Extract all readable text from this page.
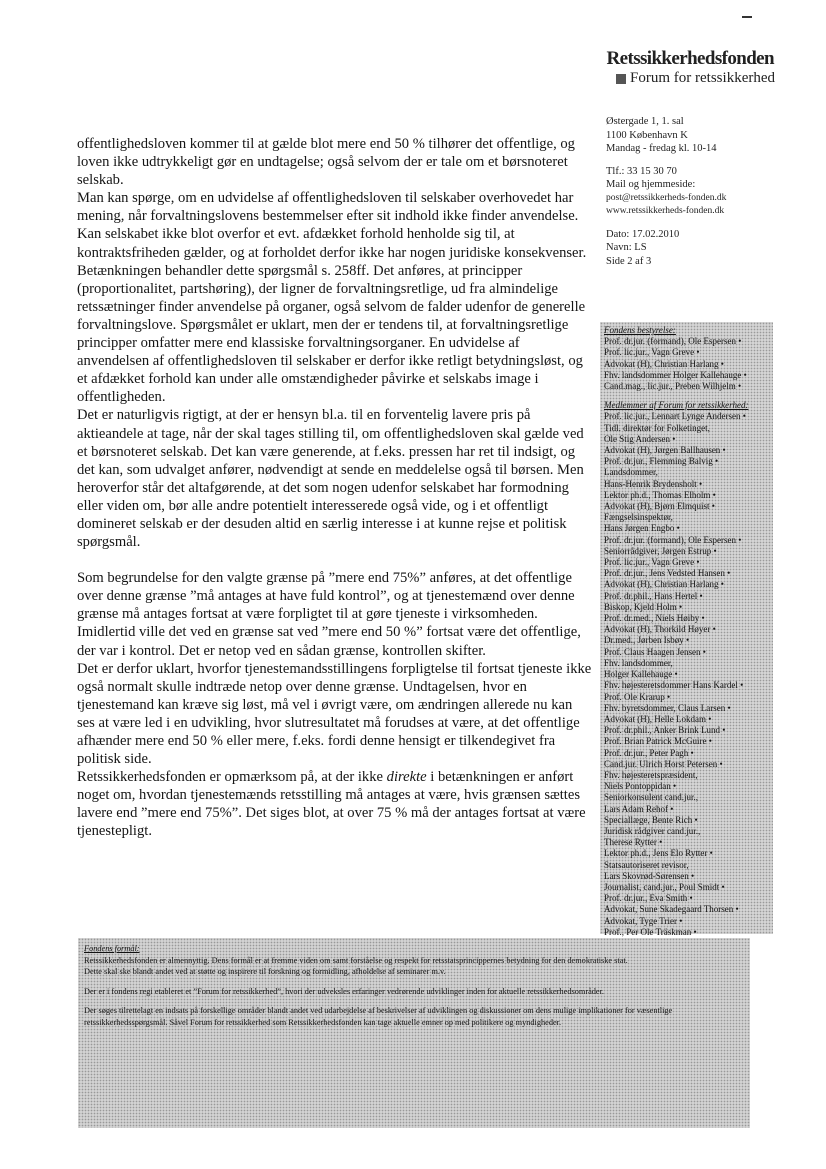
Retssikkerhedsfonden
Forum for retssikkerhed
Østergade 1, 1. sal
1100 København K
Mandag - fredag kl. 10-14
Tlf.: 33 15 30 70
Mail og hjemmeside:
post@retssikkerheds-fonden.dk
www.retssikkerheds-fonden.dk
Dato: 17.02.2010
Navn: LS
Side 2 af 3

offentlighedsloven kommer til at gælde blot mere end 50 % tilhører det offentlige, og loven ikke udtrykkeligt gør en undtagelse; også selvom der er tale om et børsnoteret selskab.

Man kan spørge, om en udvidelse af offentlighedsloven til selskaber overhovedet har mening, når forvaltningslovens bestemmelser efter sit indhold ikke finder anvendelse. Kan selskabet ikke blot overfor et evt. afdækket forhold henholde sig til, at kontraktsfriheden gælder, og at forholdet derfor ikke har nogen juridiske konsekvenser. Betænkningen behandler dette spørgsmål s. 258ff. Det anføres, at principper (proportionalitet, partshøring), der ligner de forvaltningsretlige, ud fra almindelige retssætninger finder anvendelse på organer, også selvom de falder udenfor de generelle forvaltningslove. Spørgsmålet er uklart, men der er tendens til, at forvaltningsretlige principper omfatter mere end klassiske forvaltningsorganer. En udvidelse af anvendelsen af offentlighedsloven til selskaber er derfor ikke retligt betydningsløst, og et afdækket forhold kan under alle omstændigheder påvirke et selskabs image i offentligheden.

Det er naturligvis rigtigt, at der er hensyn bl.a. til en forventelig lavere pris på aktieandele at tage, når der skal tages stilling til, om offentlighedsloven skal gælde ved et børsnoteret selskab. Det kan være generende, at f.eks. pressen har ret til indsigt, og det kan, som udvalget anfører, nødvendigt at sende en meddelelse også til børsen. Men heroverfor står det altafgørende, at det som nogen udenfor selskabet har formodning eller viden om, bør alle andre potentielt interesserede også vide, og i et offentligt domineret selskab er der desuden altid en særlig interesse i at kunne rejse et politisk spørgsmål.

Som begrundelse for den valgte grænse på ”mere end 75%” anføres, at det offentlige over denne grænse ”må antages at have fuld kontrol”, og at tjenestemænd over denne grænse må antages fortsat at være forpligtet til at gøre tjeneste i virksomheden.

Imidlertid ville det ved en grænse sat ved ”mere end 50 %” fortsat være det offentlige, der var i kontrol. Det er netop ved en sådan grænse, kontrollen skifter.

Det er derfor uklart, hvorfor tjenestemandsstillingens forpligtelse til fortsat tjeneste ikke også normalt skulle indtræde netop over denne grænse. Undtagelsen, hvor en tjenestemand kan kræve sig løst, må vel i øvrigt være, om ændringen allerede nu kan ses at være led i en udvikling, hvor slutresultatet må forudses at være, at det offentlige afhænder mere end 50 % eller mere, f.eks. fordi denne hensigt er tilkendegivet fra politisk side.

Retssikkerhedsfonden er opmærksom på, at der ikke direkte i betænkningen er anført noget om, hvordan tjenestemænds retsstilling må antages at være, hvis grænsen sættes lavere end ”mere end 75%”. Det siges blot, at over 75 % må der antages fortsat at være tjenestepligt.

Fondens bestyrelse:
Prof. dr.jur. (formand), Ole Espersen •
Prof. lic.jur., Vagn Greve •
Advokat (H), Christian Harlang •
Fhv. landsdommer Holger Kallehauge •
Cand.mag., lic.jur., Preben Wilhjelm •
Medlemmer af Forum for retssikkerhed:
Prof. lic.jur., Lennart Lynge Andersen •
Tidl. direktør for Folketinget,
Ole Stig Andersen •
Advokat (H), Jørgen Ballhausen •
Prof. dr.jur., Flemming Balvig •
Landsdommer,
Hans-Henrik Brydensholt •
Lektor ph.d., Thomas Elholm •
Advokat (H), Bjørn Elmquist •
Fængselsinspektør,
Hans Jørgen Engbo •
Prof. dr.jur. (formand), Ole Espersen •
Seniorrådgiver, Jørgen Estrup •
Prof. lic.jur., Vagn Greve •
Prof. dr.jur., Jens Vedsted Hansen •
Advokat (H), Christian Harlang •
Prof. dr.phil., Hans Hertel •
Biskop, Kjeld Holm •
Prof. dr.med., Niels Høiby •
Advokat (H), Thorkild Høyer •
Dr.med., Jørben Isbøy •
Prof. Claus Haagen Jensen •
Fhv. landsdommer,
Holger Kallehauge •
Fhv. højesteretsdommer Hans Kardel •
Prof. Ole Krarup •
Fhv. byretsdommer, Claus Larsen •
Advokat (H), Helle Lokdam •
Prof. dr.phil., Anker Brink Lund •
Prof. Brian Patrick McGuire •
Prof. dr.jur., Peter Pagh •
Cand.jur. Ulrich Horst Petersen •
Fhv. højesteretspræsident,
Niels Pontoppidan •
Seniorkonsulent cand.jur.,
Lars Adam Rehof •
Speciallæge, Bente Rich •
Juridisk rådgiver cand.jur.,
Therese Rytter •
Lektor ph.d., Jens Elo Rytter •
Statsautoriseret revisor,
Lars Skovrød-Sørensen •
Journalist, cand.jur., Poul Smidt •
Prof. dr.jur., Eva Smith •
Advokat, Sune Skadegaard Thorsen •
Advokat, Tyge Trier •
Prof., Per Ole Träskman •
Fondens formål:
Retssikkerhedsfonden er almennyttig. Dens formål er at fremme viden om samt forståelse og respekt for retsstatsprincippernes betydning for den demokratiske stat.
Dette skal ske blandt andet ved at støtte og inspirere til forskning og formidling, afholdelse af seminarer m.v.
Der er i fondens regi etableret et ”Forum for retssikkerhed”, hvori der udveksles erfaringer vedrørende udviklinger inden for aktuelle retssikkerhedsområder.
Der søges tilrettelagt en indsats på forskellige områder blandt andet ved udarbejdelse af beskrivelser af udviklingen og diskussioner om dens mulige implikationer for væsentlige retssikkerhedsspørgsmål. Såvel Forum for retssikkerhed som Retssikkerhedsfonden kan tage aktuelle emner op med politikere og myndigheder.
